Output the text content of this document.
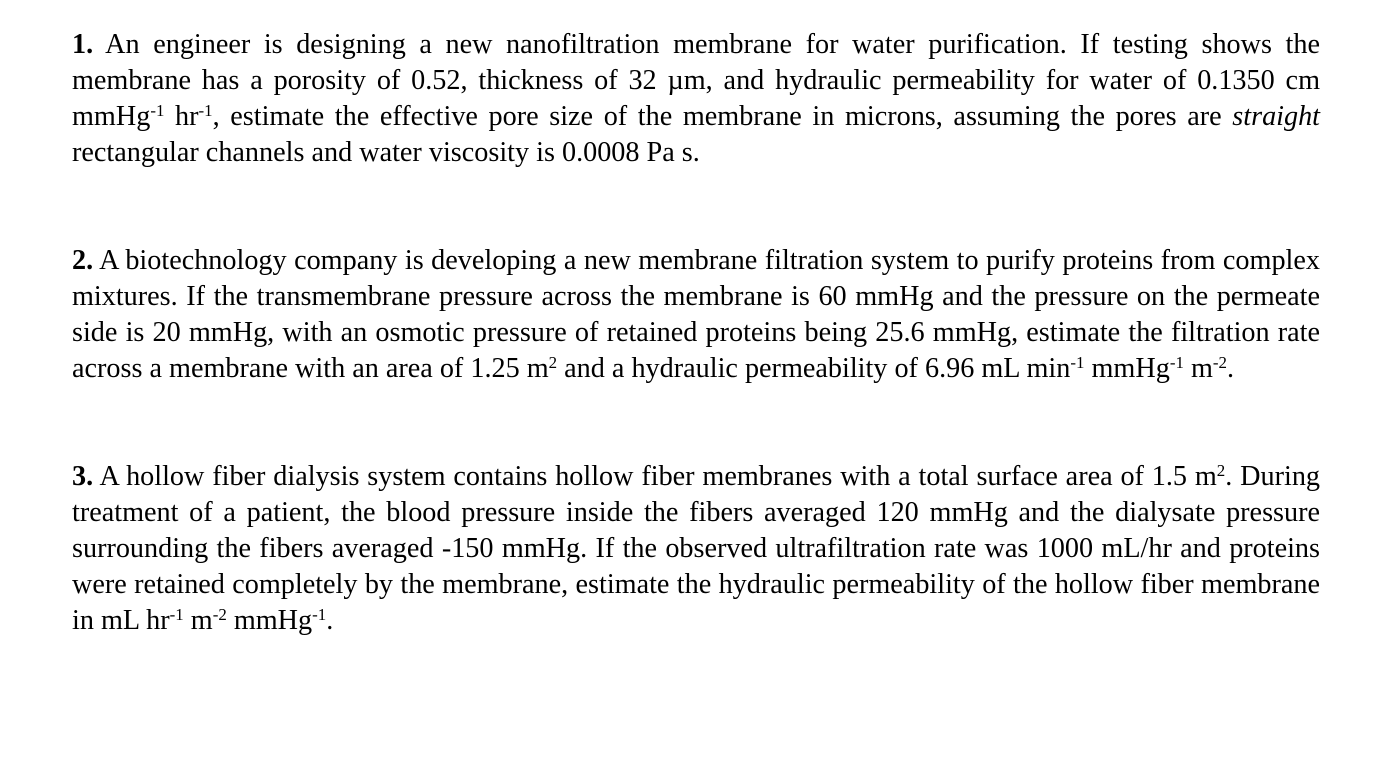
1. An engineer is designing a new nanofiltration membrane for water purification. If testing shows the membrane has a porosity of 0.52, thickness of 32 µm, and hydraulic permeability for water of 0.1350 cm mmHg$^{-1}$ $hr^{-1}$, estimate the effective pore size of the membrane in microns, assuming the pores are straight rectangular channels and water viscosity is 0.0008 Pa s.

2. A biotechnology company is developing a new membrane filtration system to purify proteins from complex mixtures. If the transmembrane pressure across the membrane is 60 mmHg and the pressure on the permeate side is 20 mmHg, with an osmotic pressure of retained proteins being 25.6 mmHg, estimate the filtration rate across a membrane with an area of 1.25 $m^2$ and a hydraulic permeability of 6.96 mL $\min^{-1}$ mmHg$^{-1}$ $m^{-2}$.

3. A hollow fiber dialysis system contains hollow fiber membranes with a total surface area of 1.5 $m^2$. During treatment of a patient, the blood pressure inside the fibers averaged 120 mmHg and the dialysate pressure surrounding the fibers averaged -150 mmHg. If the observed ultrafiltration rate was 1000 mL/hr and proteins were retained completely by the membrane, estimate the hydraulic permeability of the hollow fiber membrane in mL $hr^{-1}$ $m^{-2}$ mmHg$^{-1}$.
